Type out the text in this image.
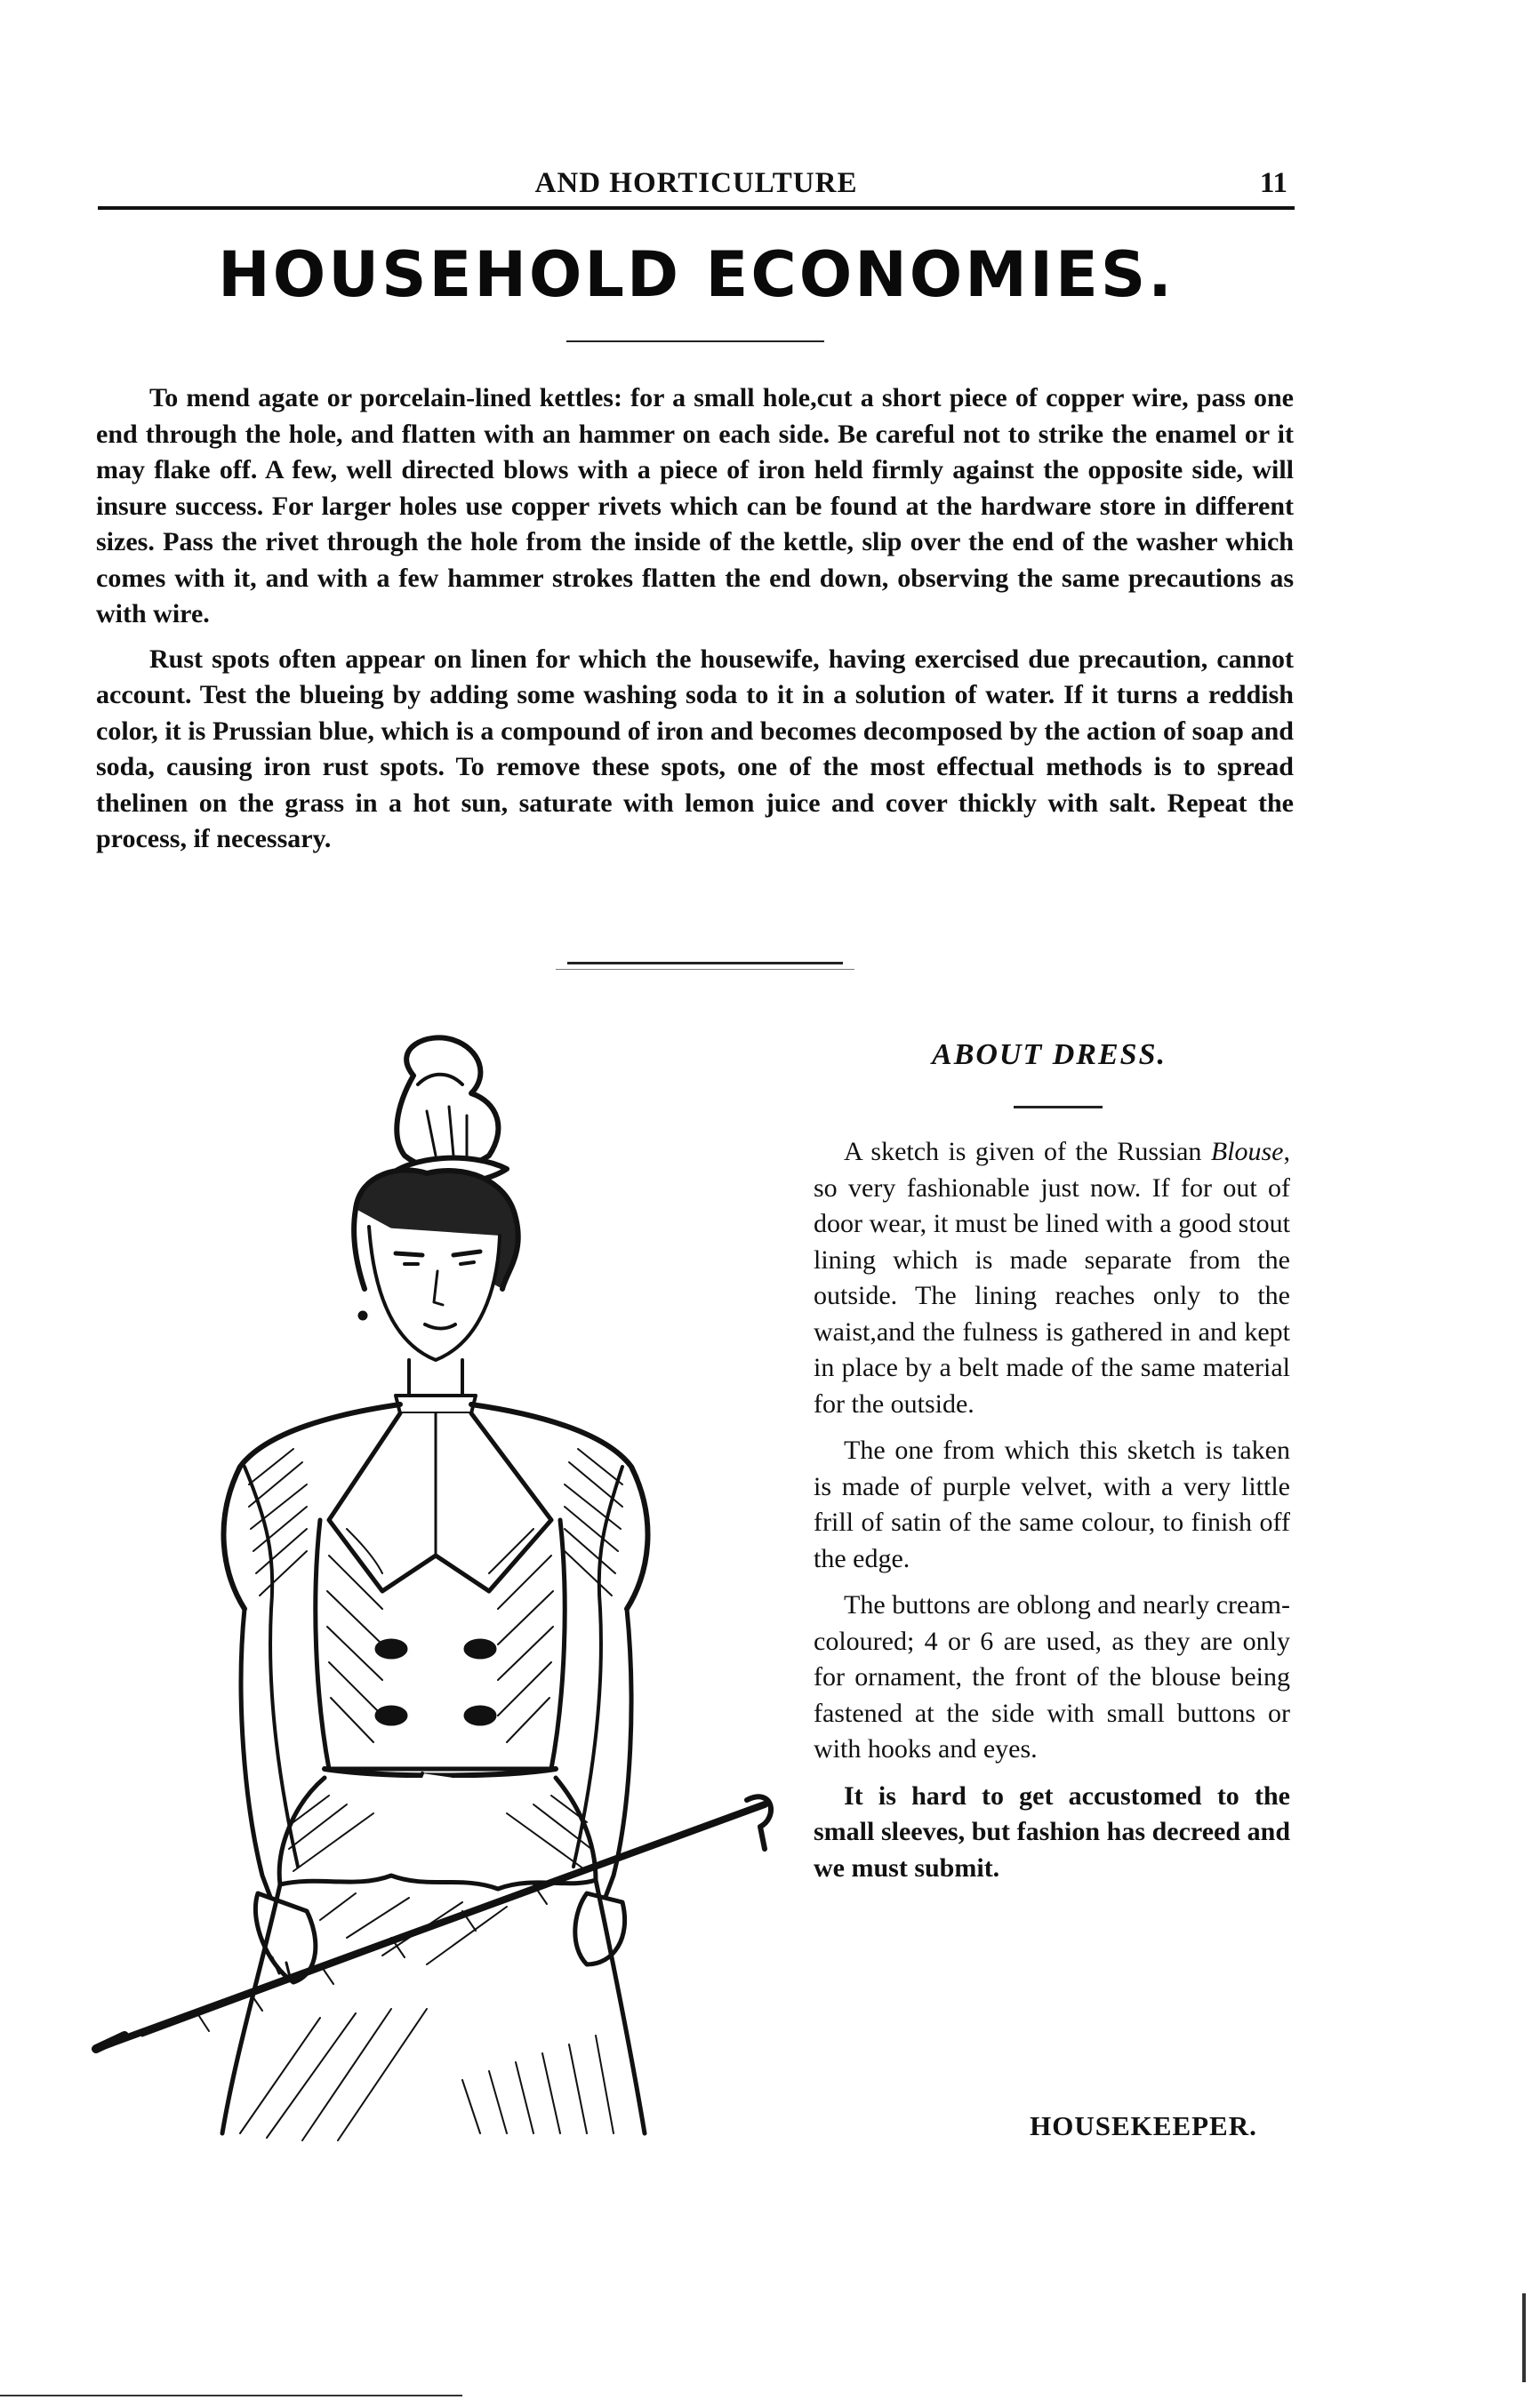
AND HORTICULTURE	11
HOUSEHOLD ECONOMIES.

To mend agate or porcelain-lined kettles: for a small hole,cut a short piece of copper wire, pass one end through the hole, and flatten with an hammer on each side. Be careful not to strike the enamel or it may flake off. A few, well directed blows with a piece of iron held firmly against the opposite side, will insure success. For larger holes use copper rivets which can be found at the hardware store in different sizes. Pass the rivet through the hole from the inside of the kettle, slip over the end of the washer which comes with it, and with a few hammer strokes flatten the end down, observing the same precautions as with wire.

Rust spots often appear on linen for which the housewife, having exercised due precaution, cannot account. Test the blueing by adding some washing soda to it in a solution of water. If it turns a reddish color, it is Prussian blue, which is a compound of iron and becomes decomposed by the action of soap and soda, causing iron rust spots. To remove these spots, one of the most effectual methods is to spread thelinen on the grass in a hot sun, saturate with lemon juice and cover thickly with salt. Repeat the process, if necessary.

ABOUT DRESS.

A sketch is given of the Russian Blouse, so very fashionable just now. If for out of door wear, it must be lined with a good stout lining which is made separate from the outside. The lining reaches only to the waist,and the fulness is gathered in and kept in place by a belt made of the same material for the outside.

The one from which this sketch is taken is made of purple velvet, with a very little frill of satin of the same colour, to finish off the edge.

The buttons are oblong and nearly cream-coloured; 4 or 6 are used, as they are only for ornament, the front of the blouse being fastened at the side with small buttons or with hooks and eyes.

It is hard to get accustomed to the small sleeves, but fashion has decreed and we must submit.

HOUSEKEEPER.
